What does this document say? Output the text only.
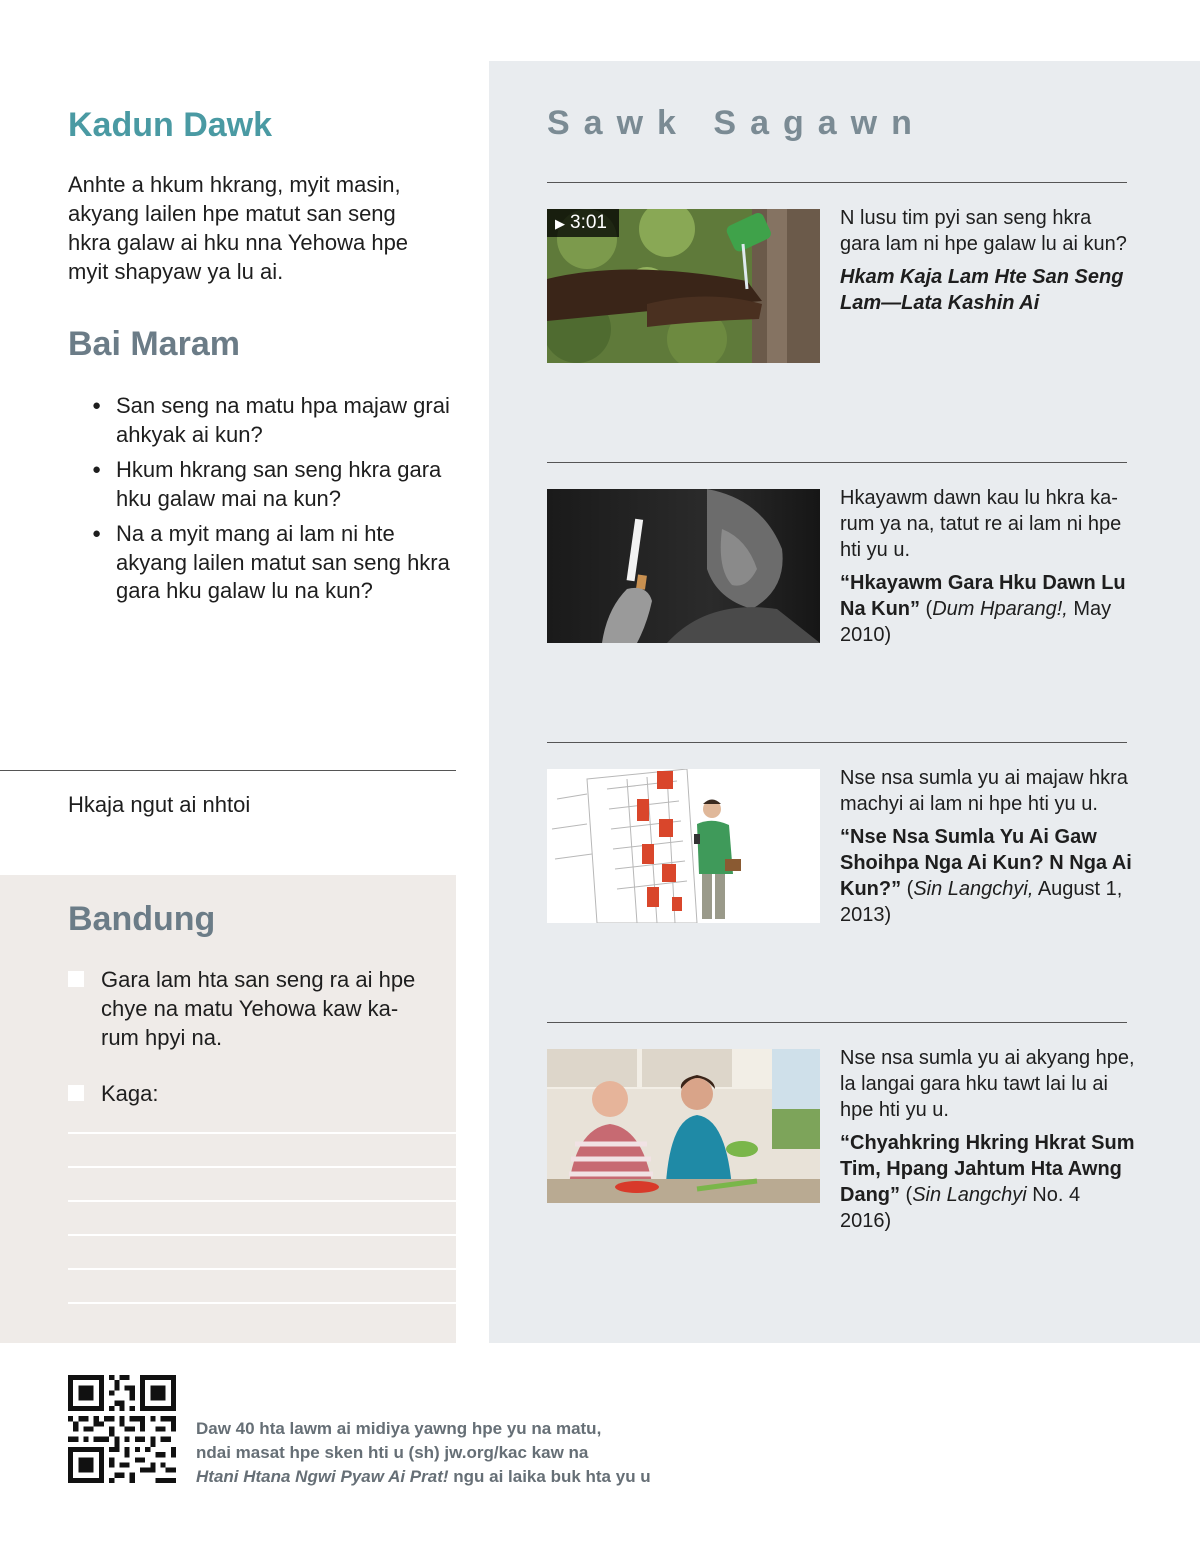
Kadun Dawk
Anhte a hkum hkrang, myit masin, akyang lailen hpe matut san seng hkra galaw ai hku nna Yehowa hpe myit shapyaw ya lu ai.
Bai Maram
● San seng na matu hpa majaw grai ahkyak ai kun?
● Hkum hkrang san seng hkra gara hku galaw mai na kun?
● Na a myit mang ai lam ni hte akyang lailen matut san seng hkra gara hku galaw lu na kun?
Hkaja ngut ai nhtoi
Bandung
Gara lam hta san seng ra ai hpe chye na matu Yehowa kaw ka-rum hpyi na.
Kaga:
Sawk Sagawn
▶ 3:01	N lusu tim pyi san seng hkra gara lam ni hpe galaw lu ai kun?

Hkam Kaja Lam Hte San Seng Lam—Lata Kashin Ai

Hkayawm dawn kau lu hkra ka-rum ya na, tatut re ai lam ni hpe hti yu u.

“Hkayawm Gara Hku Dawn Lu Na Kun” (Dum Hparang!, May 2010)

Nse nsa sumla yu ai majaw hkra machyi ai lam ni hpe hti yu u.

“Nse Nsa Sumla Yu Ai Gaw Shoihpa Nga Ai Kun? N Nga Ai Kun?” (Sin Langchyi, August 1, 2013)

Nse nsa sumla yu ai akyang hpe, la langai gara hku tawt lai lu ai hpe hti yu u.

“Chyahkring Hkring Hkrat Sum Tim, Hpang Jahtum Hta Awng Dang” (Sin Langchyi No. 4 2016)

Daw 40 hta lawm ai midiya yawng hpe yu na matu,
ndai masat hpe sken hti u (sh) jw.org/kac kaw na
Htani Htana Ngwi Pyaw Ai Prat! ngu ai laika buk hta yu u
